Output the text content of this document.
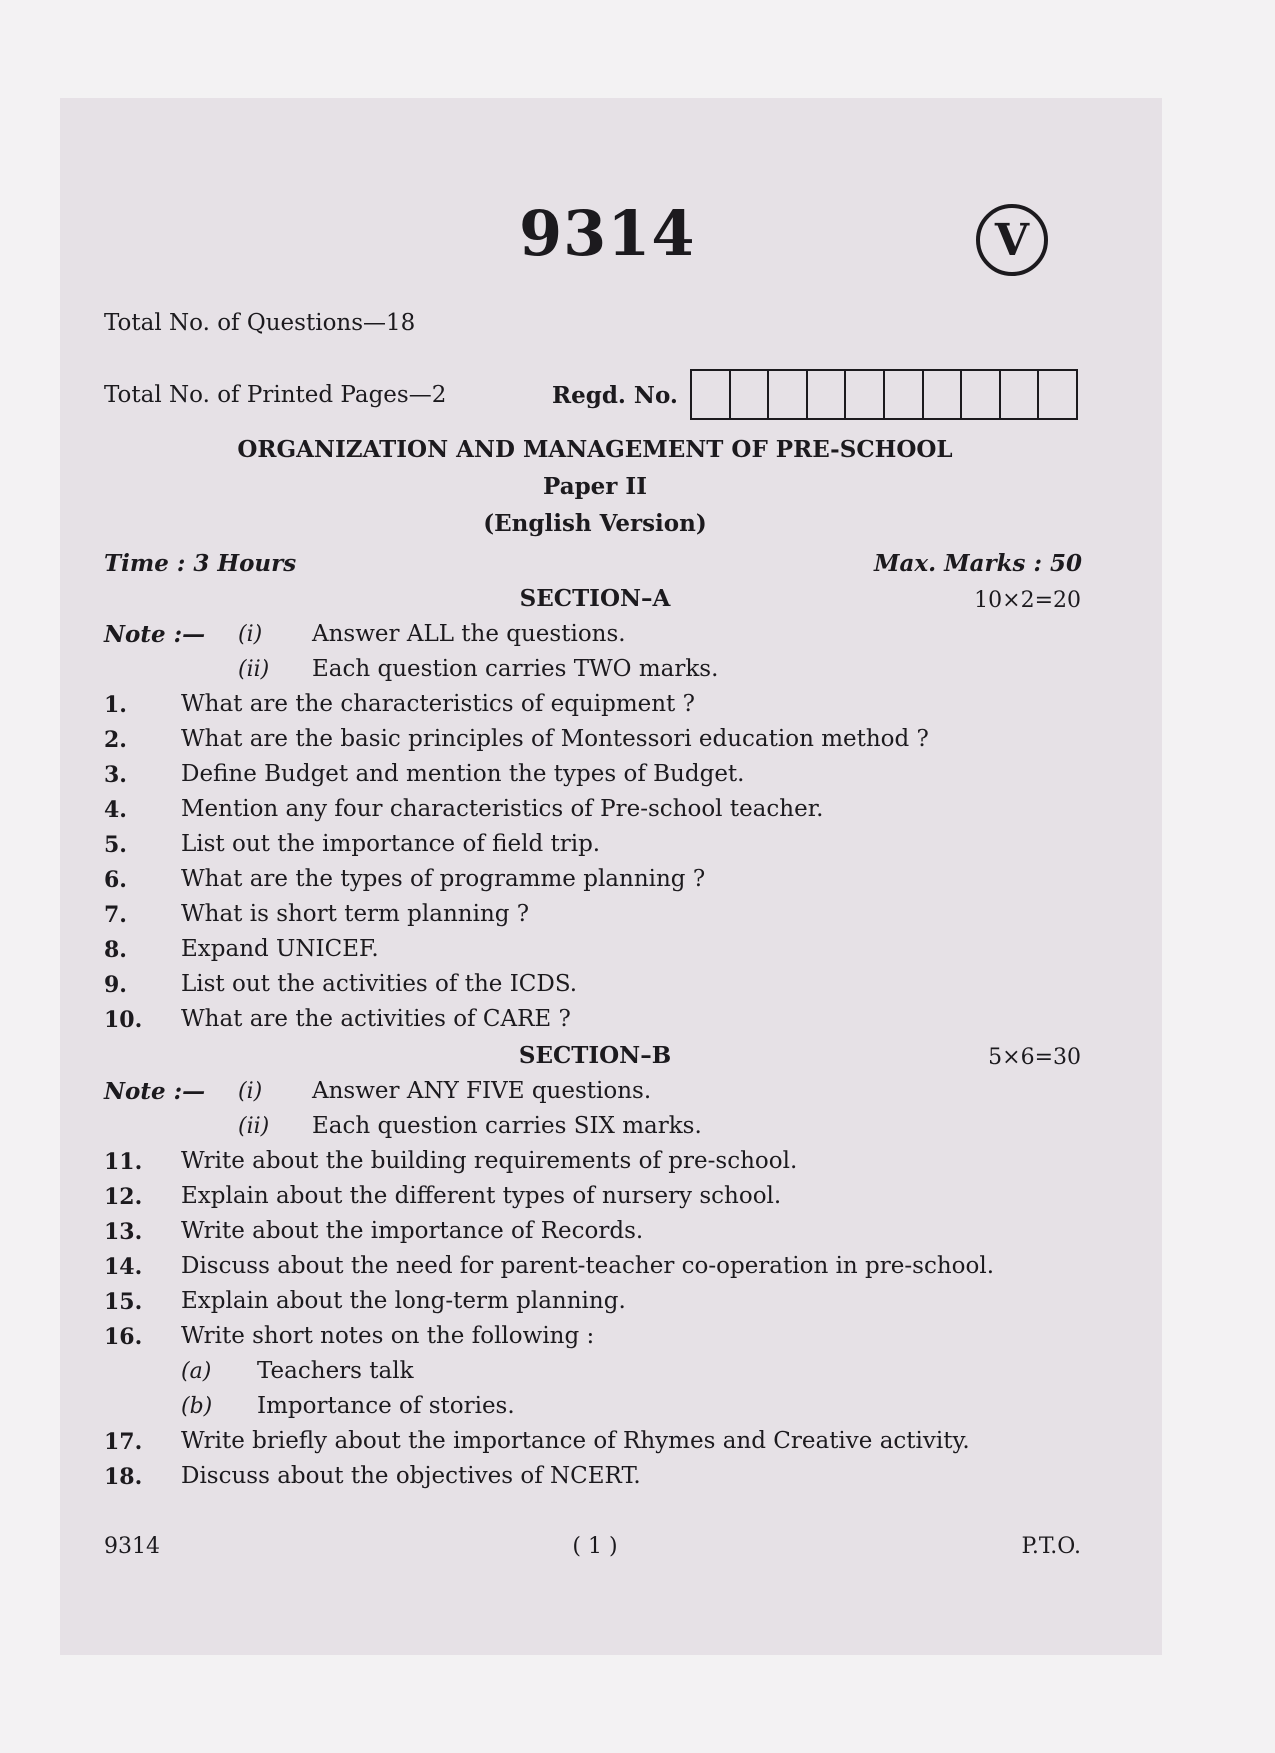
9314	V
Total No. of Questions—18
Total No. of Printed Pages—2	Regd. No.
ORGANIZATION AND MANAGEMENT OF PRE-SCHOOL
Paper II
(English Version)
Time : 3 Hours	Max. Marks : 50
SECTION–A	10×2=20
Note :— (i) Answer ALL the questions.
(ii) Each question carries TWO marks.
1. What are the characteristics of equipment ?
2. What are the basic principles of Montessori education method ?
3. Define Budget and mention the types of Budget.
4. Mention any four characteristics of Pre-school teacher.
5. List out the importance of field trip.
6. What are the types of programme planning ?
7. What is short term planning ?
8. Expand UNICEF.
9. List out the activities of the ICDS.
10. What are the activities of CARE ?
SECTION–B	5×6=30
Note :— (i) Answer ANY FIVE questions.
(ii) Each question carries SIX marks.
11. Write about the building requirements of pre-school.
12. Explain about the different types of nursery school.
13. Write about the importance of Records.
14. Discuss about the need for parent-teacher co-operation in pre-school.
15. Explain about the long-term planning.
16. Write short notes on the following :
(a) Teachers talk
(b) Importance of stories.
17. Write briefly about the importance of Rhymes and Creative activity.
18. Discuss about the objectives of NCERT.
9314	( 1 )	P.T.O.
